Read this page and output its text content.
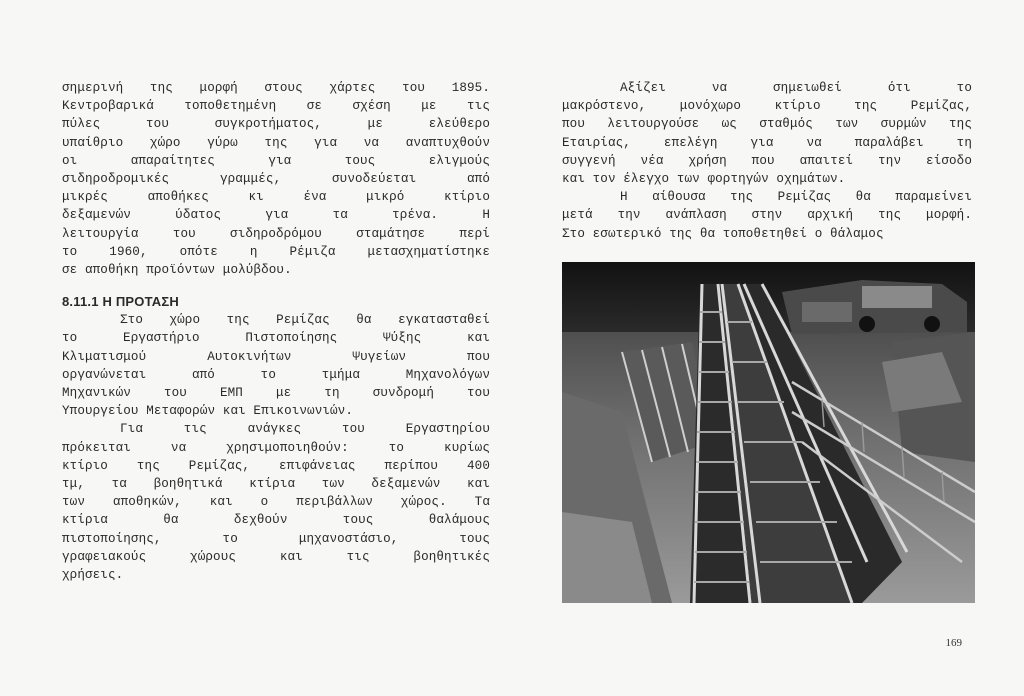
σημερινή της μορφή στους χάρτες του 1895.
Κεντροβαρικά τοποθετημένη σε σχέση με τις
πύλες του συγκροτήματος, με ελεύθερο
υπαίθριο χώρο γύρω της για να αναπτυχθούν
οι απαραίτητες για τους ελιγμούς
σιδηροδρομικές γραμμές, συνοδεύεται από
μικρές αποθήκες κι ένα μικρό κτίριο
δεξαμενών ύδατος για τα τρένα. Η
λειτουργία του σιδηροδρόμου σταμάτησε περί
το 1960, οπότε η Ρέμιζα μετασχηματίστηκε
σε αποθήκη προϊόντων μολύβδου.
8.11.1 Η ΠΡΟΤΑΣΗ
Στο χώρο της Ρεμίζας θα εγκατασταθεί
το Εργαστήριο Πιστοποίησης Ψύξης και
Κλιματισμού Αυτοκινήτων Ψυγείων που
οργανώνεται από το τμήμα Μηχανολόγων
Μηχανικών του ΕΜΠ με τη συνδρομή του
Υπουργείου Μεταφορών και Επικοινωνιών.
Για τις ανάγκες του Εργαστηρίου
πρόκειται να χρησιμοποιηθούν: το κυρίως
κτίριο της Ρεμίζας, επιφάνειας περίπου 400
τμ, τα βοηθητικά κτίρια των δεξαμενών και
των αποθηκών, και ο περιβάλλων χώρος. Τα
κτίρια θα δεχθούν τους θαλάμους
πιστοποίησης, το μηχανοστάσιο, τους
γραφειακούς χώρους και τις βοηθητικές
χρήσεις.
Αξίζει να σημειωθεί ότι το
μακρόστενο, μονόχωρο κτίριο της Ρεμίζας,
που λειτουργούσε ως σταθμός των συρμών της
Εταιρίας, επελέγη για να παραλάβει τη
συγγενή νέα χρήση που απαιτεί την είσοδο
και τον έλεγχο των φορτηγών οχημάτων.
Η αίθουσα της Ρεμίζας θα παραμείνει
μετά την ανάπλαση στην αρχική της μορφή.
Στο εσωτερικό της θα τοποθετηθεί ο θάλαμος
169
